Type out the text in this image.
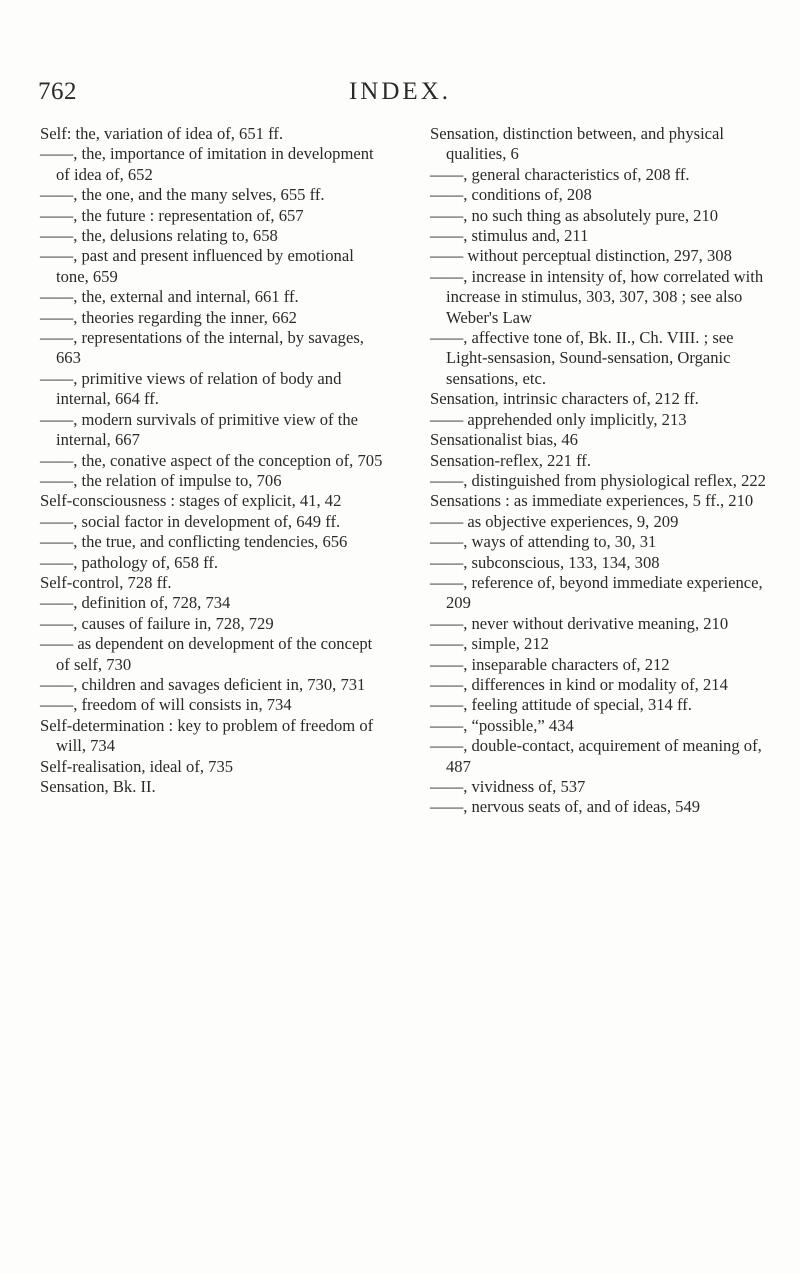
762	INDEX.

Self: the, variation of idea of, 651 ff.

——, the, importance of imitation in development of idea of, 652

——, the one, and the many selves, 655 ff.

——, the future : representation of, 657

——, the, delusions relating to, 658

——, past and present influenced by emotional tone, 659

——, the, external and internal, 661 ff.

——, theories regarding the inner, 662

——, representations of the internal, by savages, 663

——, primitive views of relation of body and internal, 664 ff.

——, modern survivals of primitive view of the internal, 667

——, the, conative aspect of the conception of, 705

——, the relation of impulse to, 706

Self-consciousness : stages of explicit, 41, 42

——, social factor in development of, 649 ff.

——, the true, and conflicting tendencies, 656

——, pathology of, 658 ff.

Self-control, 728 ff.

——, definition of, 728, 734

——, causes of failure in, 728, 729

—— as dependent on development of the concept of self, 730

——, children and savages deficient in, 730, 731

——, freedom of will consists in, 734

Self-determination : key to problem of freedom of will, 734

Self-realisation, ideal of, 735

Sensation, Bk. II.

Sensation, distinction between, and physical qualities, 6

——, general characteristics of, 208 ff.

——, conditions of, 208

——, no such thing as absolutely pure, 210

——, stimulus and, 211

—— without perceptual distinction, 297, 308

——, increase in intensity of, how correlated with increase in stimulus, 303, 307, 308 ; see also Weber's Law

——, affective tone of, Bk. II., Ch. VIII. ; see Light-sensasion, Sound-sensation, Organic sensations, etc.

Sensation, intrinsic characters of, 212 ff.

—— apprehended only implicitly, 213

Sensationalist bias, 46

Sensation-reflex, 221 ff.

——, distinguished from physiological reflex, 222

Sensations : as immediate experiences, 5 ff., 210

—— as objective experiences, 9, 209

——, ways of attending to, 30, 31

——, subconscious, 133, 134, 308

——, reference of, beyond immediate experience, 209

——, never without derivative meaning, 210

——, simple, 212

——, inseparable characters of, 212

——, differences in kind or modality of, 214

——, feeling attitude of special, 314 ff.

——, “possible,” 434

——, double-contact, acquirement of meaning of, 487

——, vividness of, 537

——, nervous seats of, and of ideas, 549
